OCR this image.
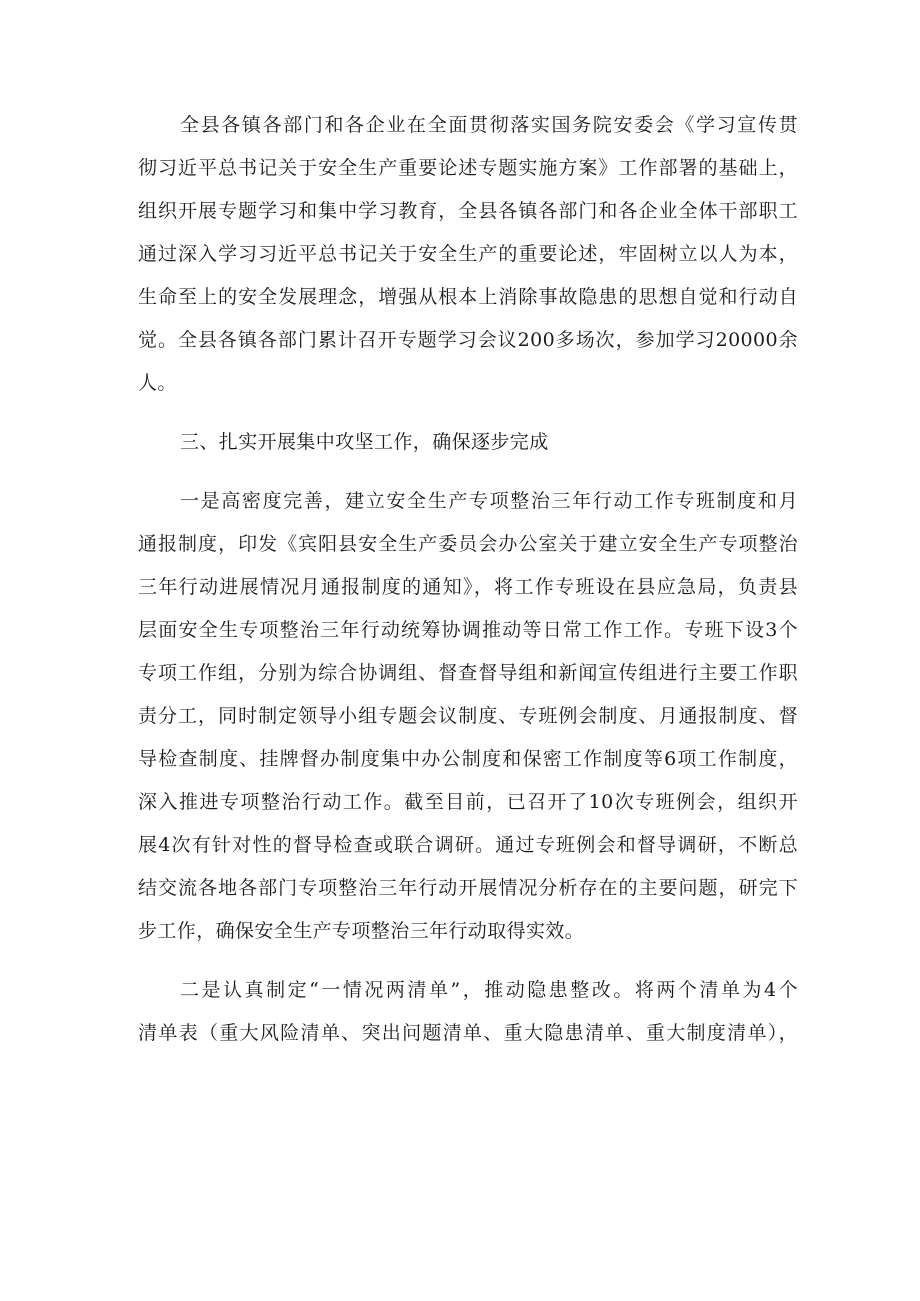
全县各镇各部门和各企业在全面贯彻落实国务院安委会《学习宣传贯
彻习近平总书记关于安全生产重要论述专题实施方案》工作部署的基础上，
组织开展专题学习和集中学习教育，全县各镇各部门和各企业全体干部职工
通过深入学习习近平总书记关于安全生产的重要论述，牢固树立以人为本，
生命至上的安全发展理念，增强从根本上消除事故隐患的思想自觉和行动自
觉。全县各镇各部门累计召开专题学习会议200多场次，参加学习20000余
人。
三、扎实开展集中攻坚工作，确保逐步完成
一是高密度完善，建立安全生产专项整治三年行动工作专班制度和月
通报制度，印发《宾阳县安全生产委员会办公室关于建立安全生产专项整治
三年行动进展情况月通报制度的通知》，将工作专班设在县应急局，负责县
层面安全生专项整治三年行动统筹协调推动等日常工作工作。专班下设3个
专项工作组，分别为综合协调组、督查督导组和新闻宣传组进行主要工作职
责分工，同时制定领导小组专题会议制度、专班例会制度、月通报制度、督
导检查制度、挂牌督办制度集中办公制度和保密工作制度等6项工作制度，
深入推进专项整治行动工作。截至目前，已召开了10次专班例会，组织开
展4次有针对性的督导检查或联合调研。通过专班例会和督导调研，不断总
结交流各地各部门专项整治三年行动开展情况分析存在的主要问题，研完下
步工作，确保安全生产专项整治三年行动取得实效。
二是认真制定“一情况两清单”，推动隐患整改。将两个清单为4个
清单表（重大风险清单、突出问题清单、重大隐患清单、重大制度清单），
